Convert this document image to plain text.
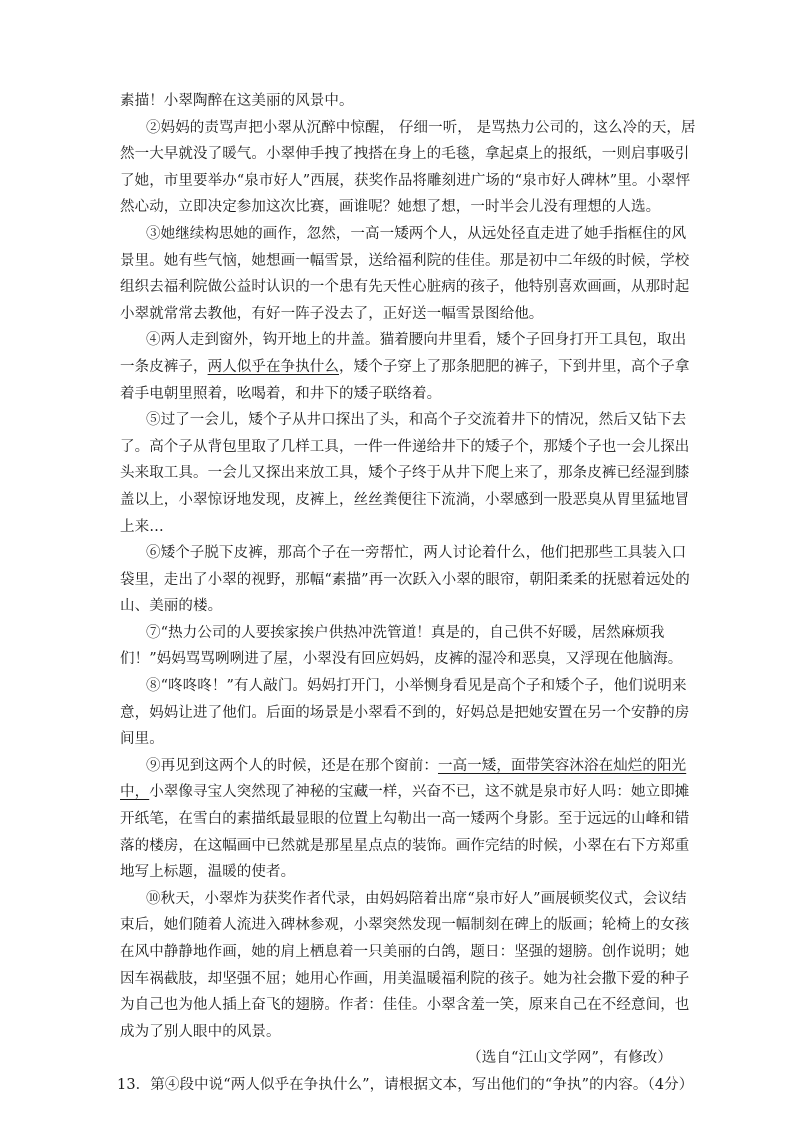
素描！小翠陶醉在这美丽的风景中。
②妈妈的责骂声把小翠从沉醉中惊醒， 仔细一听， 是骂热力公司的，这么冷的天，居
然一大早就没了暖气。小翠伸手拽了拽搭在身上的毛毯，拿起桌上的报纸，一则启事吸引
了她，市里要举办“泉市好人”西展，获奖作品将雕刻进广场的“泉市好人碑林”里。小翠怦
然心动，立即决定参加这次比赛，画谁呢？她想了想，一时半会儿没有理想的人选。
③她继续构思她的画作，忽然，一高一矮两个人，从远处径直走进了她手指框住的风
景里。她有些气恼，她想画一幅雪景，送给福利院的佳佳。那是初中二年级的时候，学校
组织去福利院做公益时认识的一个患有先天性心脏病的孩子，他特别喜欢画画，从那时起
小翠就常常去教他，有好一阵子没去了，正好送一幅雪景图给他。
④两人走到窗外，钩开地上的井盖。猫着腰向井里看，矮个子回身打开工具包，取出
一条皮裤子，两人似乎在争执什么，矮个子穿上了那条肥肥的裤子，下到井里，高个子拿
着手电朝里照着，吆喝着，和井下的矮子联络着。
⑤过了一会儿，矮个子从井口探出了头，和高个子交流着井下的情况，然后又钻下去
了。高个子从背包里取了几样工具，一件一件递给井下的矮子个，那矮个子也一会儿探出
头来取工具。一会儿又探出来放工具，矮个子终于从井下爬上来了，那条皮裤已经湿到膝
盖以上，小翠惊讶地发现，皮裤上，丝丝粪便往下流淌，小翠感到一股恶臭从胃里猛地冒
上来…
⑥矮个子脱下皮裤，那高个子在一旁帮忙，两人讨论着什么，他们把那些工具装入口
袋里，走出了小翠的视野，那幅“素描”再一次跃入小翠的眼帘，朝阳柔柔的抚慰着远处的
山、美丽的楼。
⑦“热力公司的人要挨家挨户供热冲洗管道！真是的，自己供不好暖，居然麻烦我
们！”妈妈骂骂咧咧进了屋，小翠没有回应妈妈，皮裤的湿冷和恶臭，又浮现在他脑海。
⑧“咚咚咚！”有人敲门。妈妈打开门，小举恻身看见是高个子和矮个子，他们说明来
意，妈妈让进了他们。后面的场景是小翠看不到的，好妈总是把她安置在另一个安静的房
间里。
⑨再见到这两个人的时候，还是在那个窗前：一高一矮，面带笑容沐浴在灿烂的阳光
中，小翠像寻宝人突然现了神秘的宝藏一样，兴奋不已，这不就是泉市好人吗：她立即摊
开纸笔，在雪白的素描纸最显眼的位置上勾勒出一高一矮两个身影。至于远远的山峰和错
落的楼房，在这幅画中已然就是那星星点点的装饰。画作完结的时候，小翠在右下方郑重
地写上标题，温暖的使者。
⑩秋天，小翠炸为获奖作者代录，由妈妈陪着出席“泉市好人”画展顿奖仪式，会议结
束后，她们随着人流进入碑林参观，小翠突然发现一幅制刻在碑上的版画；轮椅上的女孩
在风中静静地作画，她的肩上栖息着一只美丽的白鸽，题日：坚强的翅膀。创作说明；她
因车祸截肢，却坚强不屈；她用心作画，用美温暖福利院的孩子。她为社会撒下爱的种子
为自己也为他人插上奋飞的翅膀。作者：佳佳。小翠含羞一笑，原来自己在不经意间，也
成为了别人眼中的风景。
（选自“江山文学网”，有修改）
13．第④段中说“两人似乎在争执什么”，请根据文本，写出他们的“争执”的内容。（4分）
